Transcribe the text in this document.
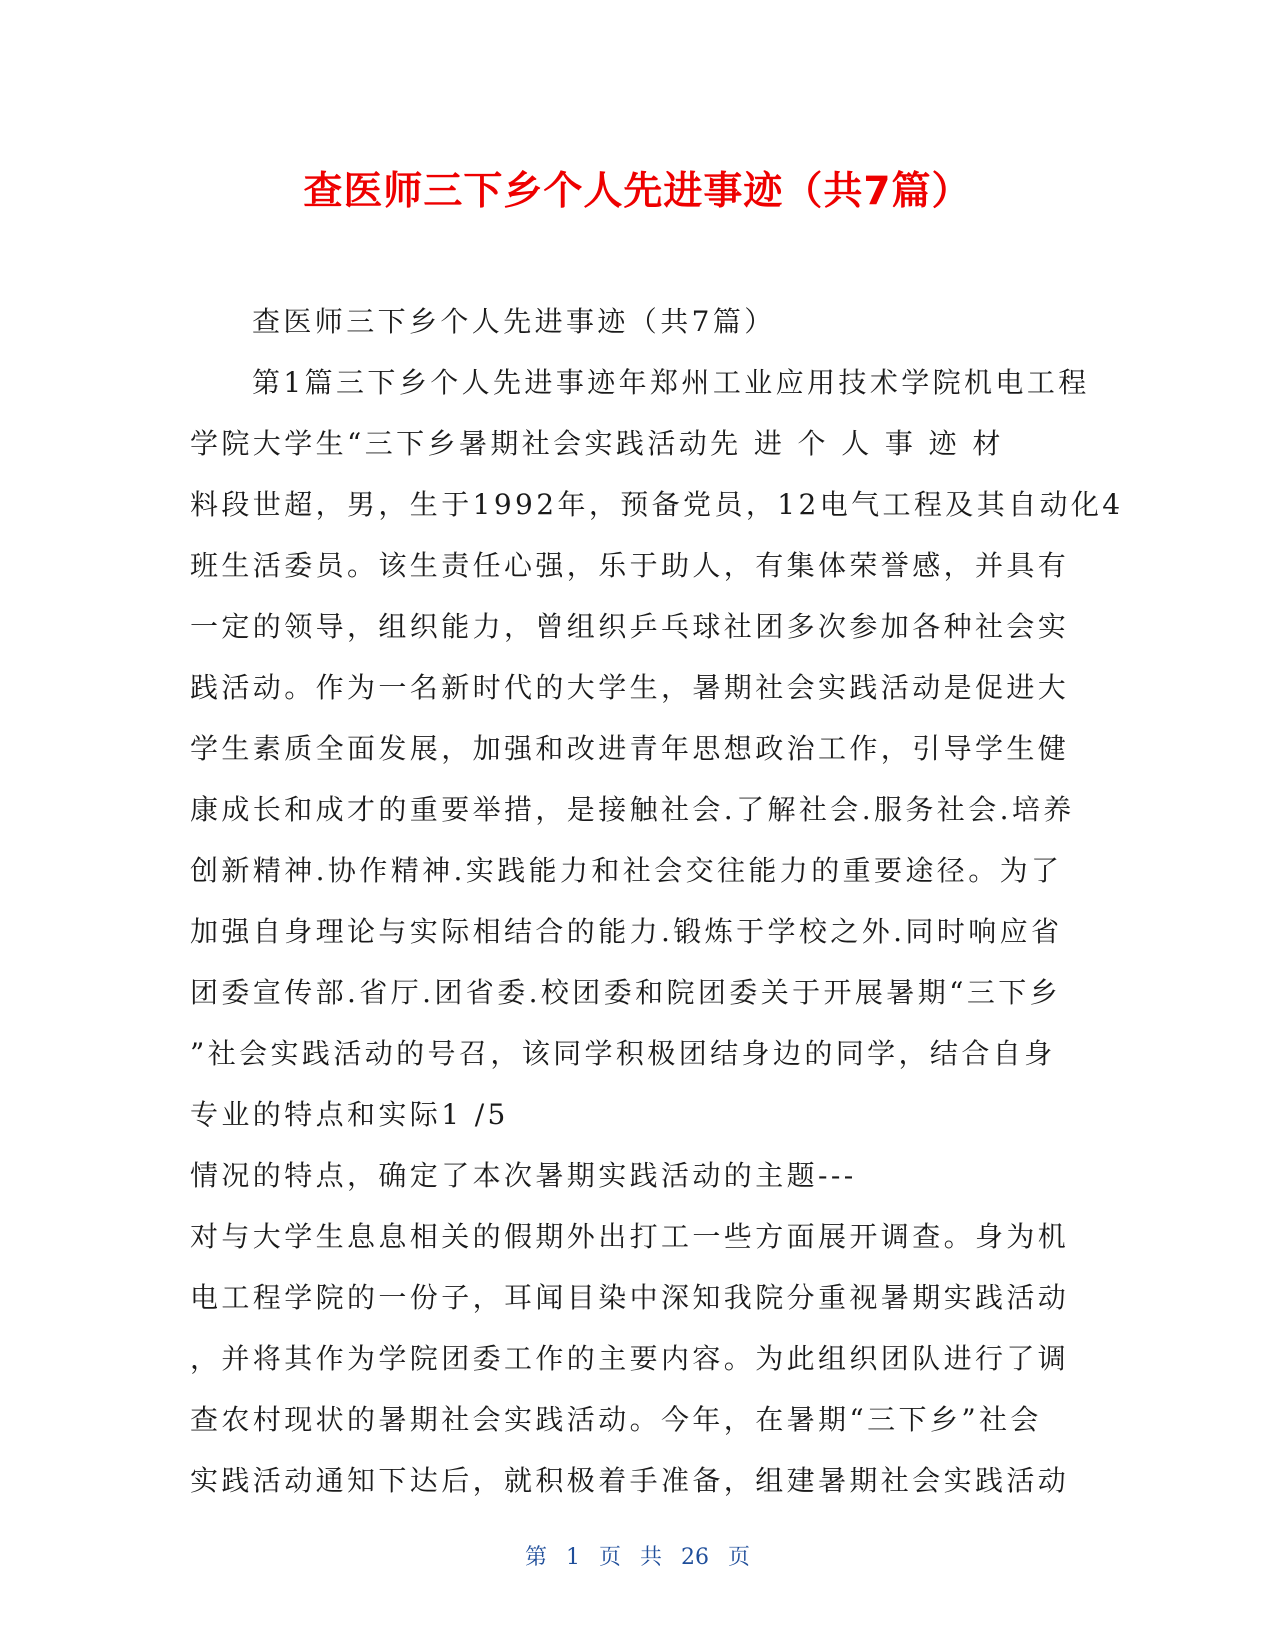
查医师三下乡个人先进事迹（共7篇）
查医师三下乡个人先进事迹（共7篇）
第1篇三下乡个人先进事迹年郑州工业应用技术学院机电工程
学院大学生“三下乡暑期社会实践活动先 进 个 人 事 迹 材
料段世超，男，生于1992年，预备党员，12电气工程及其自动化4
班生活委员。该生责任心强，乐于助人，有集体荣誉感，并具有
一定的领导，组织能力，曾组织乒乓球社团多次参加各种社会实
践活动。作为一名新时代的大学生，暑期社会实践活动是促进大
学生素质全面发展，加强和改进青年思想政治工作，引导学生健
康成长和成才的重要举措，是接触社会.了解社会.服务社会.培养
创新精神.协作精神.实践能力和社会交往能力的重要途径。为了
加强自身理论与实际相结合的能力.锻炼于学校之外.同时响应省
团委宣传部.省厅.团省委.校团委和院团委关于开展暑期“三下乡
”社会实践活动的号召，该同学积极团结身边的同学，结合自身
专业的特点和实际1 /5
情况的特点，确定了本次暑期实践活动的主题---
对与大学生息息相关的假期外出打工一些方面展开调查。身为机
电工程学院的一份子，耳闻目染中深知我院分重视暑期实践活动
，并将其作为学院团委工作的主要内容。为此组织团队进行了调
查农村现状的暑期社会实践活动。今年，在暑期“三下乡”社会
实践活动通知下达后，就积极着手准备，组建暑期社会实践活动
第 1 页 共 26 页
